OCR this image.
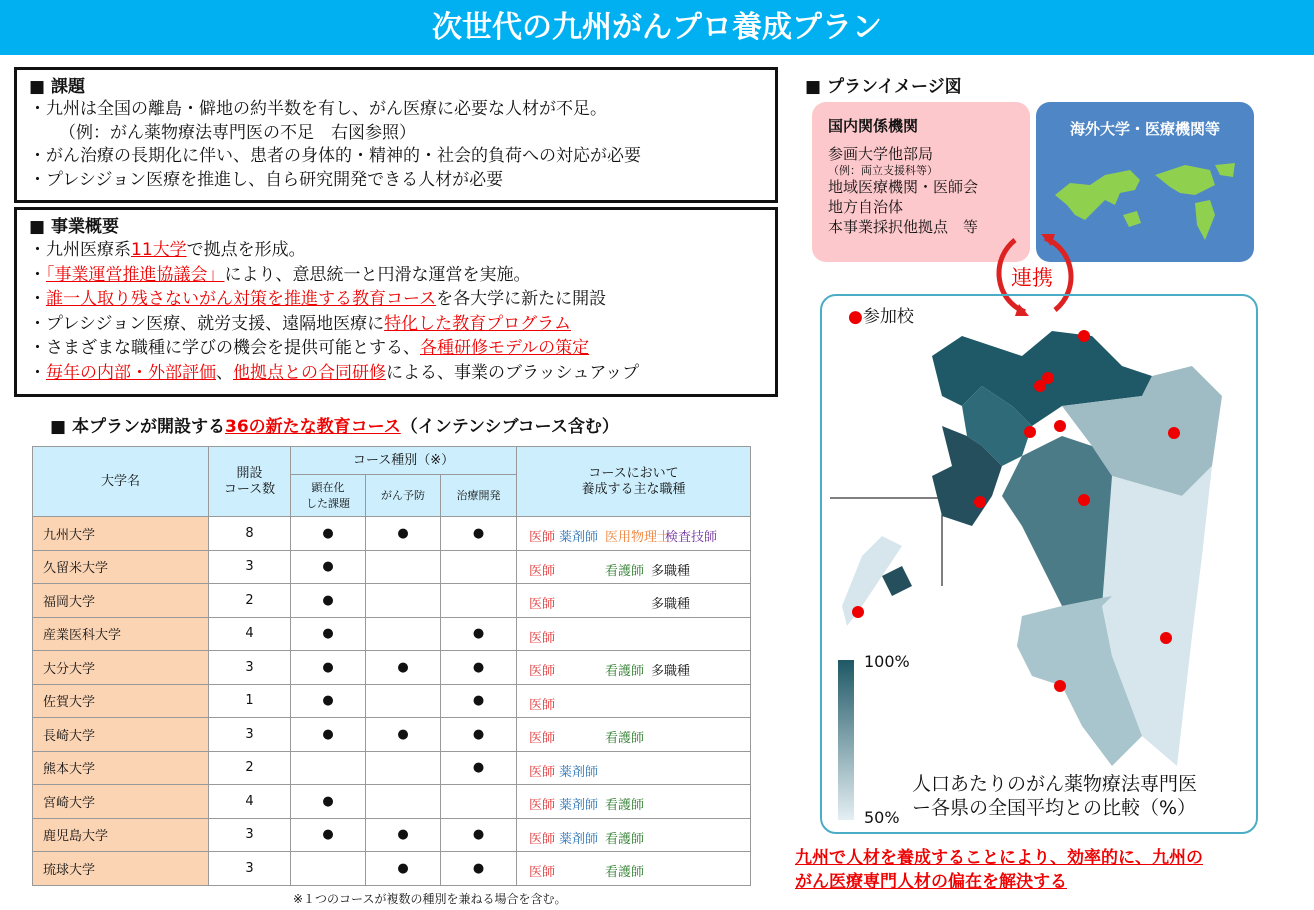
次世代の九州がんプロ養成プラン
■ 課題
・九州は全国の離島・僻地の約半数を有し、がん医療に必要な人材が不足。
（例：がん薬物療法専門医の不足　右図参照）
・がん治療の長期化に伴い、患者の身体的・精神的・社会的負荷への対応が必要
・プレシジョン医療を推進し、自ら研究開発できる人材が必要
■ 事業概要
・九州医療系11大学で拠点を形成。
・「事業運営推進協議会」により、意思統一と円滑な運営を実施。
・誰一人取り残さないがん対策を推進する教育コースを各大学に新たに開設
・プレシジョン医療、就労支援、遠隔地医療に特化した教育プログラム
・さまざまな職種に学びの機会を提供可能とする、各種研修モデルの策定
・毎年の内部・外部評価、他拠点との合同研修による、事業のブラッシュアップ
■ 本プランが開設する36の新たな教育コース（インテンシブコース含む）
大学名	開設
コース数	コース種別（※）			コースにおいて
養成する主な職種
		顕在化
した課題	がん予防	治療開発	
九州大学	8	●	●	●	医師 薬剤師 医用物理士
検査技師

久留米大学	3	●			医師 看護師 多職種

福岡大学	2	●			医師 多職種

産業医科大学	4	●		●	医師

大分大学	3	●	●	●	医師 看護師 多職種

佐賀大学	1	●		●	医師

長崎大学	3	●	●	●	医師 看護師

熊本大学	2			●	医師 薬剤師

宮崎大学	4	●			医師 薬剤師 看護師

鹿児島大学	3	●	●	●	医師 薬剤師 看護師

琉球大学	3		●	●	医師 看護師
※１つのコースが複数の種別を兼ねる場合を含む。
■ プランイメージ図
国内関係機関
参画大学他部局
（例：両立支援科等）
地域医療機関・医師会
地方自治体
本事業採択他拠点　等
海外大学・医療機関等
連携
●参加校
100%
50%
人口あたりのがん薬物療法専門医
ー各県の全国平均との比較（%）
九州で人材を養成することにより、効率的に、九州の
がん医療専門人材の偏在を解決する
